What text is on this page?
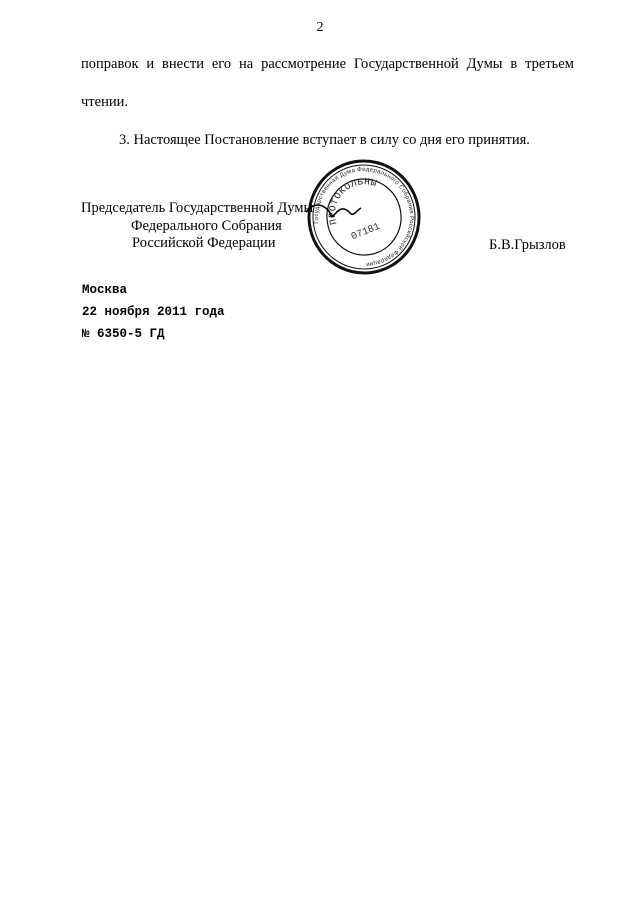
2
поправок и внести его на рассмотрение Государственной Думы в третьем
чтении.
3. Настоящее Постановление вступает в силу со дня его принятия.
Председатель Государственной Думы
Федерального Собрания
Российской Федерации	Б.В.Грызлов
Государственная Дума Федерального Собрания Российской Федерации
ПРОТОКОЛЬНЫ
07181
Москва
22 ноября 2011 года
№ 6350-5 ГД
